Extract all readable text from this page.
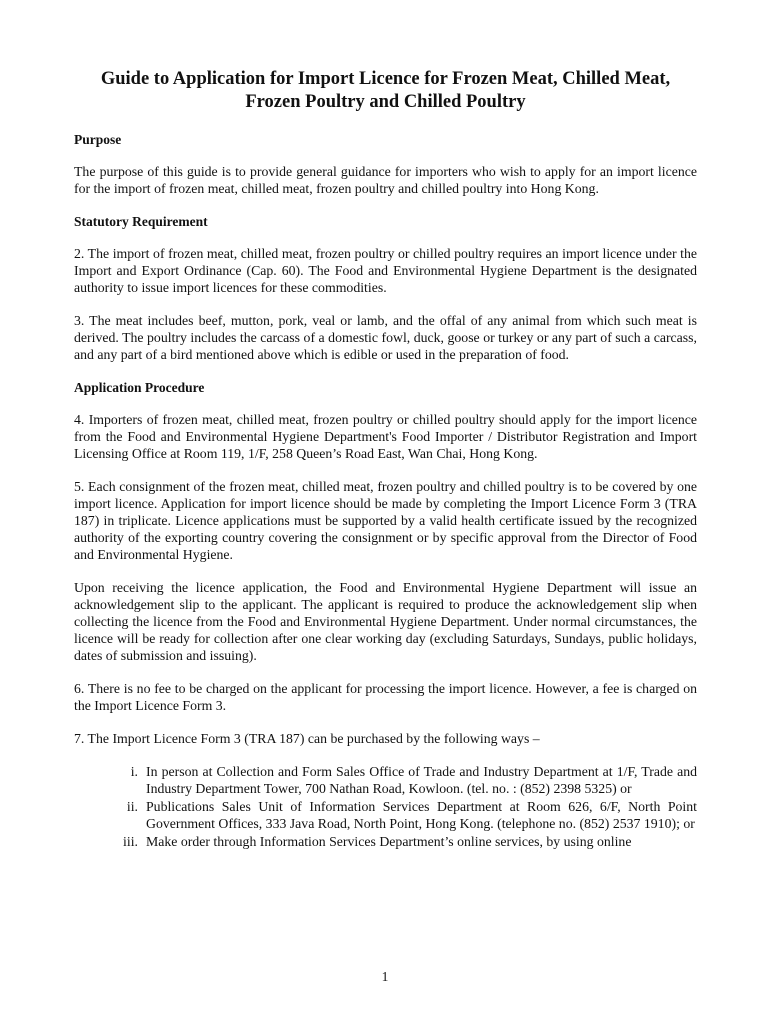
Guide to Application for Import Licence for Frozen Meat, Chilled Meat, Frozen Poultry and Chilled Poultry
Purpose

The purpose of this guide is to provide general guidance for importers who wish to apply for an import licence for the import of frozen meat, chilled meat, frozen poultry and chilled poultry into Hong Kong.

Statutory Requirement

2. The import of frozen meat, chilled meat, frozen poultry or chilled poultry requires an import licence under the Import and Export Ordinance (Cap. 60). The Food and Environmental Hygiene Department is the designated authority to issue import licences for these commodities.

3. The meat includes beef, mutton, pork, veal or lamb, and the offal of any animal from which such meat is derived. The poultry includes the carcass of a domestic fowl, duck, goose or turkey or any part of such a carcass, and any part of a bird mentioned above which is edible or used in the preparation of food.

Application Procedure

4. Importers of frozen meat, chilled meat, frozen poultry or chilled poultry should apply for the import licence from the Food and Environmental Hygiene Department's Food Importer / Distributor Registration and Import Licensing Office at Room 119, 1/F, 258 Queen’s Road East, Wan Chai, Hong Kong.

5. Each consignment of the frozen meat, chilled meat, frozen poultry and chilled poultry is to be covered by one import licence. Application for import licence should be made by completing the Import Licence Form 3 (TRA 187) in triplicate. Licence applications must be supported by a valid health certificate issued by the recognized authority of the exporting country covering the consignment or by specific approval from the Director of Food and Environmental Hygiene.

Upon receiving the licence application, the Food and Environmental Hygiene Department will issue an acknowledgement slip to the applicant. The applicant is required to produce the acknowledgement slip when collecting the licence from the Food and Environmental Hygiene Department. Under normal circumstances, the licence will be ready for collection after one clear working day (excluding Saturdays, Sundays, public holidays, dates of submission and issuing).

6. There is no fee to be charged on the applicant for processing the import licence. However, a fee is charged on the Import Licence Form 3.

7. The Import Licence Form 3 (TRA 187) can be purchased by the following ways –

i. In person at Collection and Form Sales Office of Trade and Industry Department at 1/F, Trade and Industry Department Tower, 700 Nathan Road, Kowloon. (tel. no. : (852) 2398 5325) or
ii. Publications Sales Unit of Information Services Department at Room 626, 6/F, North Point Government Offices, 333 Java Road, North Point, Hong Kong. (telephone no. (852) 2537 1910); or
iii. Make order through Information Services Department’s online services, by using online
1
